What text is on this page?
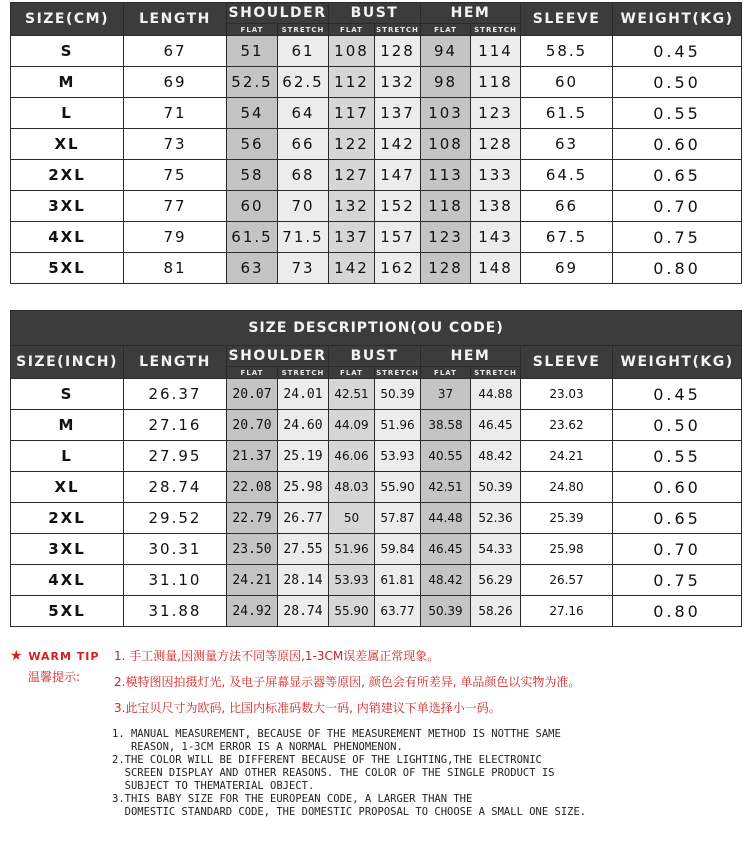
SIZE(CM)	LENGTH	SHOULDER		BUST		HEM		SLEEVE	WEIGHT(KG)
		FLAT	STRETCH	FLAT	STRETCH	FLAT	STRETCH		
S	67	51	61	108	128	94	114	58.5	0.45
M	69	52.5	62.5	112	132	98	118	60	0.50
L	71	54	64	117	137	103	123	61.5	0.55
XL	73	56	66	122	142	108	128	63	0.60
2XL	75	58	68	127	147	113	133	64.5	0.65
3XL	77	60	70	132	152	118	138	66	0.70
4XL	79	61.5	71.5	137	157	123	143	67.5	0.75
5XL	81	63	73	142	162	128	148	69	0.80
SIZE DESCRIPTION(OU CODE)									
SIZE(INCH)	LENGTH	SHOULDER		BUST		HEM		SLEEVE	WEIGHT(KG)
		FLAT	STRETCH	FLAT	STRETCH	FLAT	STRETCH		
S	26.37	20.07	24.01	42.51	50.39	37	44.88	23.03	0.45
M	27.16	20.70	24.60	44.09	51.96	38.58	46.45	23.62	0.50
L	27.95	21.37	25.19	46.06	53.93	40.55	48.42	24.21	0.55
XL	28.74	22.08	25.98	48.03	55.90	42.51	50.39	24.80	0.60
2XL	29.52	22.79	26.77	50	57.87	44.48	52.36	25.39	0.65
3XL	30.31	23.50	27.55	51.96	59.84	46.45	54.33	25.98	0.70
4XL	31.10	24.21	28.14	53.93	61.81	48.42	56.29	26.57	0.75
5XL	31.88	24.92	28.74	55.90	63.77	50.39	58.26	27.16	0.80
★ WARM TIP
温馨提示:
1. 手工测量,因测量方法不同等原因,1-3CM误差属正常现象。
2.模特图因拍摄灯光, 及电子屏幕显示器等原因, 颜色会有所差异, 单品颜色以实物为准。
3.此宝贝尺寸为欧码, 比国内标准码数大一码, 内销建议下单选择小一码。

1. MANUAL MEASUREMENT, BECAUSE OF THE MEASUREMENT METHOD IS NOTTHE SAME
REASON, 1-3CM ERROR IS A NORMAL PHENOMENON.

2.THE COLOR WILL BE DIFFERENT BECAUSE OF THE LIGHTING,THE ELECTRONIC
SCREEN DISPLAY AND OTHER REASONS. THE COLOR OF THE SINGLE PRODUCT IS
SUBJECT TO THEMATERIAL OBJECT.

3.THIS BABY SIZE FOR THE EUROPEAN CODE, A LARGER THAN THE
DOMESTIC STANDARD CODE, THE DOMESTIC PROPOSAL TO CHOOSE A SMALL ONE SIZE.
